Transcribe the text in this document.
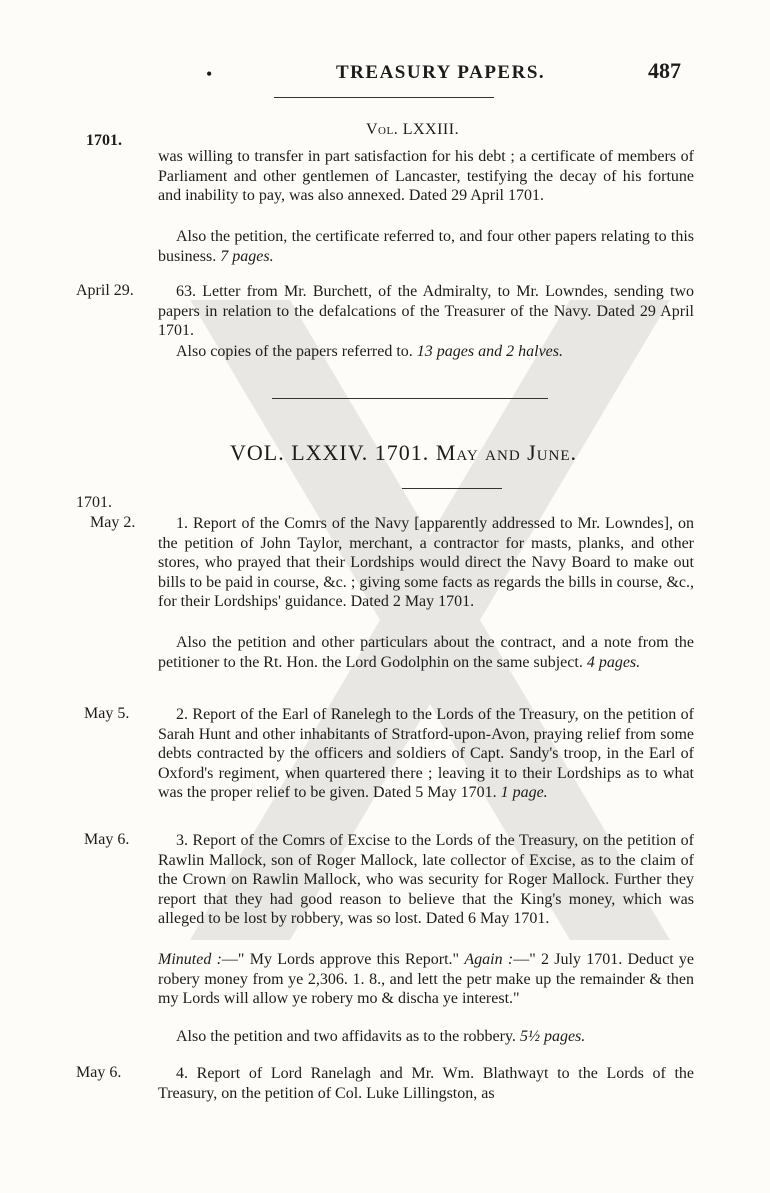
•	TREASURY PAPERS.	487
1701.
Vol. LXXIII.

was willing to transfer in part satisfaction for his debt ; a certificate of members of Parliament and other gentlemen of Lancaster, testifying the decay of his fortune and inability to pay, was also annexed. Dated 29 April 1701.

Also the petition, the certificate referred to, and four other papers relating to this business. 7 pages.

April 29.	63. Letter from Mr. Burchett, of the Admiralty, to Mr. Lowndes, sending two papers in relation to the defalcations of the Treasurer of the Navy. Dated 29 April 1701.

Also copies of the papers referred to. 13 pages and 2 halves.

VOL. LXXIV. 1701. May and June.
1701.
May 2.	1. Report of the Comrs of the Navy [apparently addressed to Mr. Lowndes], on the petition of John Taylor, merchant, a contractor for masts, planks, and other stores, who prayed that their Lordships would direct the Navy Board to make out bills to be paid in course, &c. ; giving some facts as regards the bills in course, &c., for their Lordships' guidance. Dated 2 May 1701.

Also the petition and other particulars about the contract, and a note from the petitioner to the Rt. Hon. the Lord Godolphin on the same subject. 4 pages.

May 5.	2. Report of the Earl of Ranelegh to the Lords of the Treasury, on the petition of Sarah Hunt and other inhabitants of Stratford-upon-Avon, praying relief from some debts contracted by the officers and soldiers of Capt. Sandy's troop, in the Earl of Oxford's regiment, when quartered there ; leaving it to their Lordships as to what was the proper relief to be given. Dated 5 May 1701. 1 page.

May 6.	3. Report of the Comrs of Excise to the Lords of the Treasury, on the petition of Rawlin Mallock, son of Roger Mallock, late collector of Excise, as to the claim of the Crown on Rawlin Mallock, who was security for Roger Mallock. Further they report that they had good reason to believe that the King's money, which was alleged to be lost by robbery, was so lost. Dated 6 May 1701.

Minuted :—" My Lords approve this Report." Again :—" 2 July 1701. Deduct ye robery money from ye 2,306. 1. 8., and lett the petr make up the remainder & then my Lords will allow ye robery mo & discha ye interest."

Also the petition and two affidavits as to the robbery. 5½ pages.

May 6.	4. Report of Lord Ranelagh and Mr. Wm. Blathwayt to the Lords of the Treasury, on the petition of Col. Luke Lillingston, as
